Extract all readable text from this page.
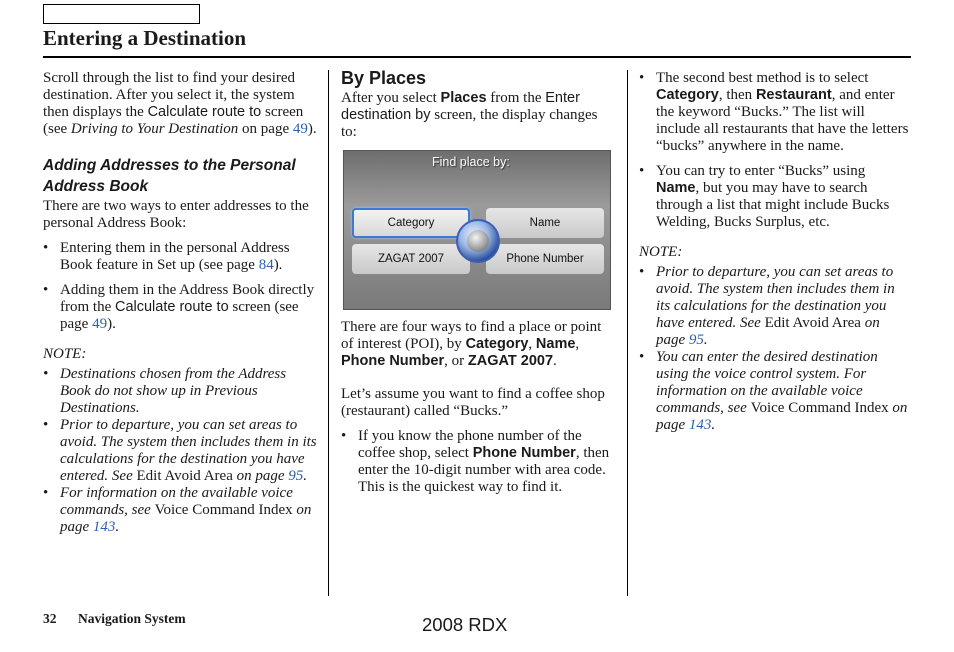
Entering a Destination

Scroll through the list to find your desired destination. After you select it, the system then displays the Calculate route to screen (see Driving to Your Destination on page 49).

Adding Addresses to the Personal Address Book

There are two ways to enter addresses to the personal Address Book:

• Entering them in the personal Address Book feature in Set up (see page 84).
• Adding them in the Address Book directly from the Calculate route to screen (see page 49).

NOTE:

• Destinations chosen from the Address Book do not show up in Previous Destinations.
• Prior to departure, you can set areas to avoid. The system then includes them in its calculations for the destination you have entered. See Edit Avoid Area on page 95.
• For information on the available voice commands, see Voice Command Index on page 143.

By Places

After you select Places from the Enter destination by screen, the display changes to:

Find place by:
Category	Name
ZAGAT 2007	Phone Number

There are four ways to find a place or point of interest (POI), by Category, Name, Phone Number, or ZAGAT 2007.

Let’s assume you want to find a coffee shop (restaurant) called “Bucks.”

• If you know the phone number of the coffee shop, select Phone Number, then enter the 10-digit number with area code. This is the quickest way to find it.
• The second best method is to select Category, then Restaurant, and enter the keyword “Bucks.” The list will include all restaurants that have the letters “bucks” anywhere in the name.
• You can try to enter “Bucks” using Name, but you may have to search through a list that might include Bucks Welding, Bucks Surplus, etc.

NOTE:

• Prior to departure, you can set areas to avoid. The system then includes them in its calculations for the destination you have entered. See Edit Avoid Area on page 95.
• You can enter the desired destination using the voice control system. For information on the available voice commands, see Voice Command Index on page 143.
32 Navigation System	2008 RDX
